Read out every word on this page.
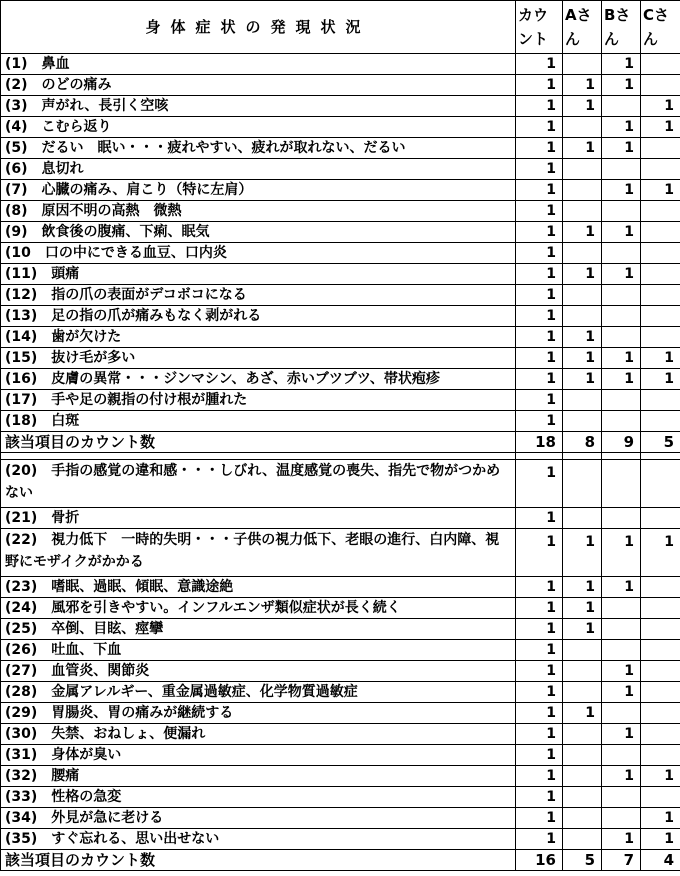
身体症状の発現状況	カウント	Aさん	Bさん	Cさん
(1)　鼻血	1		1	
(2)　のどの痛み	1	1	1	
(3)　声がれ、長引く空咳	1	1		1
(4)　こむら返り	1		1	1
(5)　だるい　眠い・・・疲れやすい、疲れが取れない、だるい	1	1	1	
(6)　息切れ	1			
(7)　心臓の痛み、肩こり（特に左肩）	1		1	1
(8)　原因不明の高熱　微熱	1			
(9)　飲食後の腹痛、下痢、眠気	1	1	1	
(10　口の中にできる血豆、口内炎	1			
(11)　頭痛	1	1	1	
(12)　指の爪の表面がデコボコになる	1			
(13)　足の指の爪が痛みもなく剥がれる	1			
(14)　歯が欠けた	1	1		
(15)　抜け毛が多い	1	1	1	1
(16)　皮膚の異常・・・ジンマシン、あざ、赤いブツブツ、帯状疱疹	1	1	1	1
(17)　手や足の親指の付け根が腫れた	1			
(18)　白斑	1			
該当項目のカウント数	18	8	9	5

(20)　手指の感覚の違和感・・・しびれ、温度感覚の喪失、指先で物がつかめない	1			
(21)　骨折	1			
(22)　視力低下　一時的失明・・・子供の視力低下、老眼の進行、白内障、視野にモザイクがかかる	1	1	1	1
(23)　嗜眠、過眠、傾眠、意識途絶	1	1	1	
(24)　風邪を引きやすい。インフルエンザ類似症状が長く続く	1	1		
(25)　卒倒、目眩、痙攣	1	1		
(26)　吐血、下血	1			
(27)　血管炎、関節炎	1		1	
(28)　金属アレルギー、重金属過敏症、化学物質過敏症	1		1	
(29)　胃腸炎、胃の痛みが継続する	1	1		
(30)　失禁、おねしょ、便漏れ	1		1	
(31)　身体が臭い	1			
(32)　腰痛	1		1	1
(33)　性格の急変	1			
(34)　外見が急に老ける	1			1
(35)　すぐ忘れる、思い出せない	1		1	1
該当項目のカウント数	16	5	7	4
